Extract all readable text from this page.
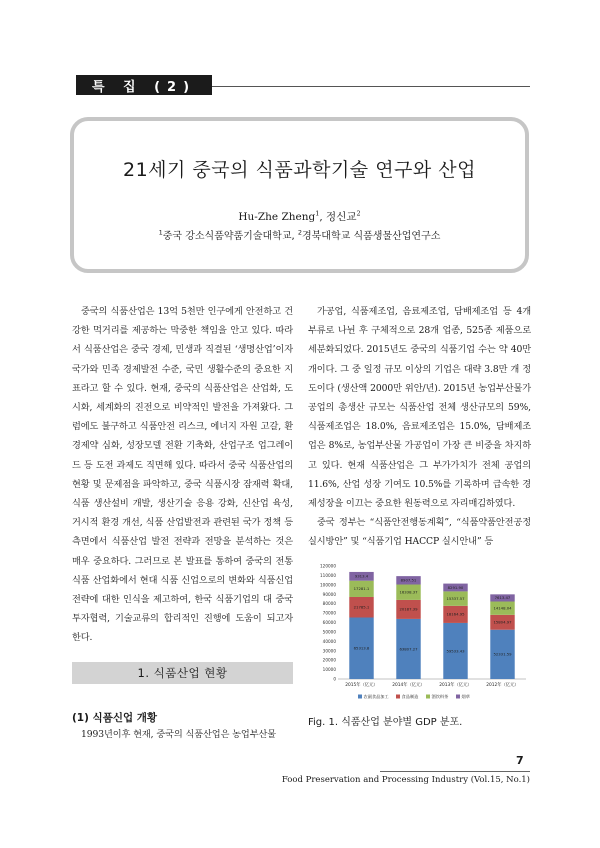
특 집 (2)
21세기 중국의 식품과학기술 연구와 산업
Hu-Zhe Zheng$^1$, 정신교$^2$
$^1$중국 강소식품약품기술대학교, $^2$경북대학교 식품생물산업연구소

중국의 식품산업은 13억 5천만 인구에게 안전하고 건강한 먹거리를 제공하는 막중한 책임을 안고 있다. 따라서 식품산업은 중국 경제, 민생과 직결된 ‘생명산업’이자 국가와 민족 경제발전 수준, 국민 생활수준의 중요한 지표라고 할 수 있다. 현재, 중국의 식품산업은 산업화, 도시화, 세계화의 진전으로 비약적인 발전을 가져왔다. 그럼에도 불구하고 식품안전 리스크, 에너지 자원 고갈, 환경제약 심화, 성장모델 전환 기축화, 산업구조 업그레이드 등 도전 과제도 직면해 있다. 따라서 중국 식품산업의 현황 및 문제점을 파악하고, 중국 식품시장 잠재력 확대, 식품 생산설비 개발, 생산기술 응용 강화, 신산업 육성, 거시적 환경 개선, 식품 산업발전과 관련된 국가 정책 등 측면에서 식품산업 발전 전략과 전망을 분석하는 것은 매우 중요하다. 그러므로 본 발표를 통하여 중국의 전통 식품 산업화에서 현대 식품 신업으로의 변화와 식품신업 전략에 대한 인식을 제고하여, 한국 식품기업의 대 중국 투자협력, 기술교류의 합리적인 진행에 도움이 되고자 한다.

1. 식품산업 현황
(1) 식품신업 개황

1993년이후 현재, 중국의 식품산업은 농업부산물

가공업, 식품제조업, 음료제조업, 담배제조업 등 4개 부류로 나뉜 후 구체적으로 28개 업종, 525종 제품으로 세분화되었다. 2015년도 중국의 식품기업 수는 약 40만개이다. 그 중 일정 규모 이상의 기업은 대략 3.8만 개 정도이다 (생산액 2000만 위안/년). 2015년 농업부산물가공업의 총생산 규모는 식품산업 전체 생산규모의 59%, 식품제조업은 18.0%, 음료제조업은 15.0%, 담배제조업은 8%로, 농업부산물 가공업이 가장 큰 비중을 차지하고 있다. 현재 식품산업은 그 부가가치가 전체 공업의 11.6%, 산업 성장 기여도 10.5%를 기록하며 급속한 경제성장을 이끄는 중요한 원동력으로 자리매김하였다.

중국 정부는 “식품안전행동계획”, “식품약품안전공정실시방안” 및 “식품기업 HACCP 실시안내” 등

0
10000
20000
30000
40000
50000
60000
70000
80000
90000
100000
110000
120000
65313.8
21785.1
17281.1
9313.4
2015年（亿元）
63807.27
20187.39
16338.37
8907.51
2014年（亿元）
59533.43
18164.95
15337.57
8291.90
2013年（亿元）
52331.59
15804.97
14148.04
7613.47
2012年（亿元）
农副食品加工	食品制造	酒饮料茶	烟草
Fig. 1. 식품산업 분야별 GDP 분포.
7
Food Preservation and Processing Industry (Vol.15, No.1)
